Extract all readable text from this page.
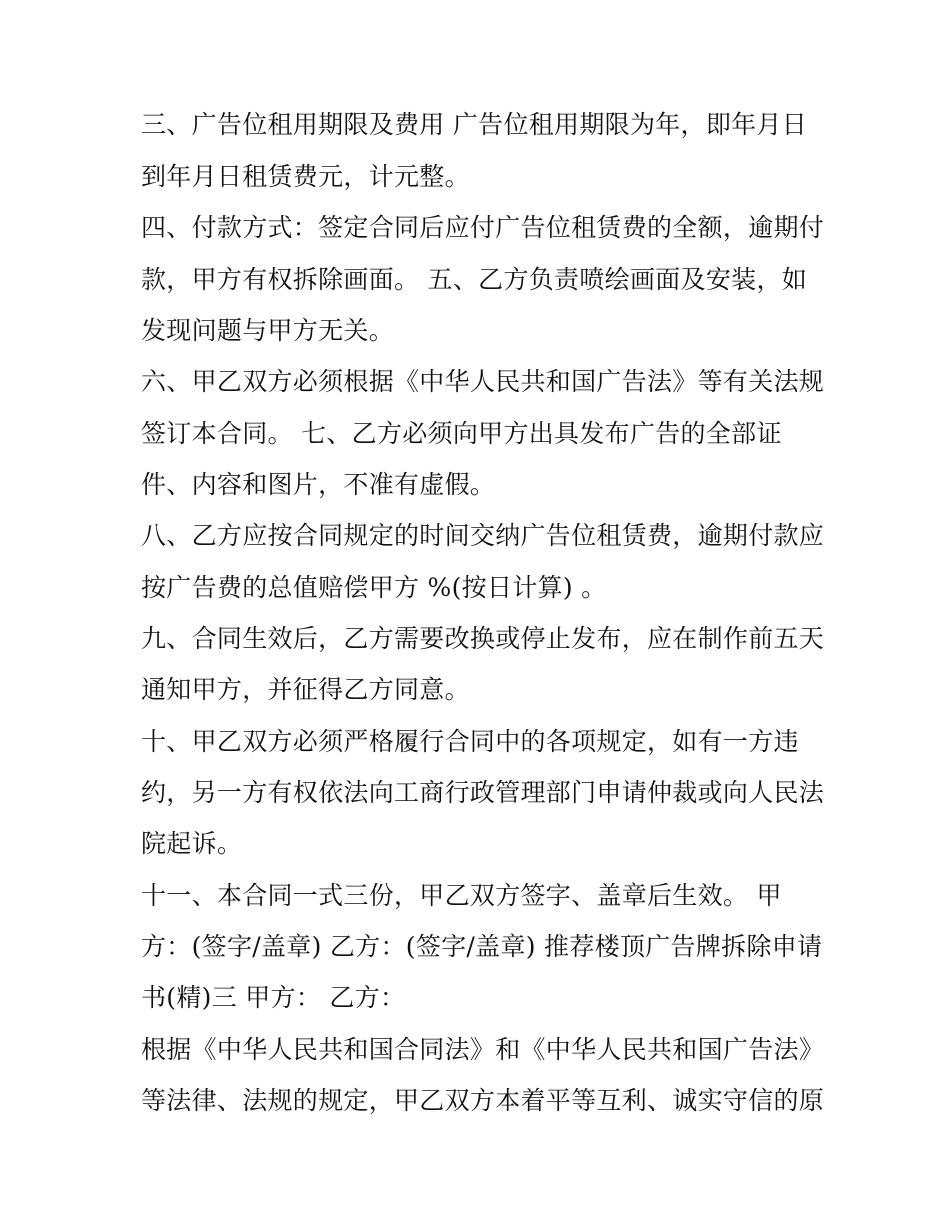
三、广告位租用期限及费用 广告位租用期限为年，即年月日
到年月日租赁费元，计元整。
四、付款方式：签定合同后应付广告位租赁费的全额，逾期付
款，甲方有权拆除画面。 五、乙方负责喷绘画面及安装，如
发现问题与甲方无关。
六、甲乙双方必须根据《中华人民共和国广告法》等有关法规
签订本合同。 七、乙方必须向甲方出具发布广告的全部证
件、内容和图片，不准有虚假。
八、乙方应按合同规定的时间交纳广告位租赁费，逾期付款应
按广告费的总值赔偿甲方 %(按日计算) 。
九、合同生效后，乙方需要改换或停止发布，应在制作前五天
通知甲方，并征得乙方同意。
十、甲乙双方必须严格履行合同中的各项规定，如有一方违
约，另一方有权依法向工商行政管理部门申请仲裁或向人民法
院起诉。
十一、本合同一式三份，甲乙双方签字、盖章后生效。 甲
方：(签字/盖章) 乙方：(签字/盖章) 推荐楼顶广告牌拆除申请
书(精)三 甲方： 乙方：
根据《中华人民共和国合同法》和《中华人民共和国广告法》
等法律、法规的规定，甲乙双方本着平等互利、诚实守信的原
